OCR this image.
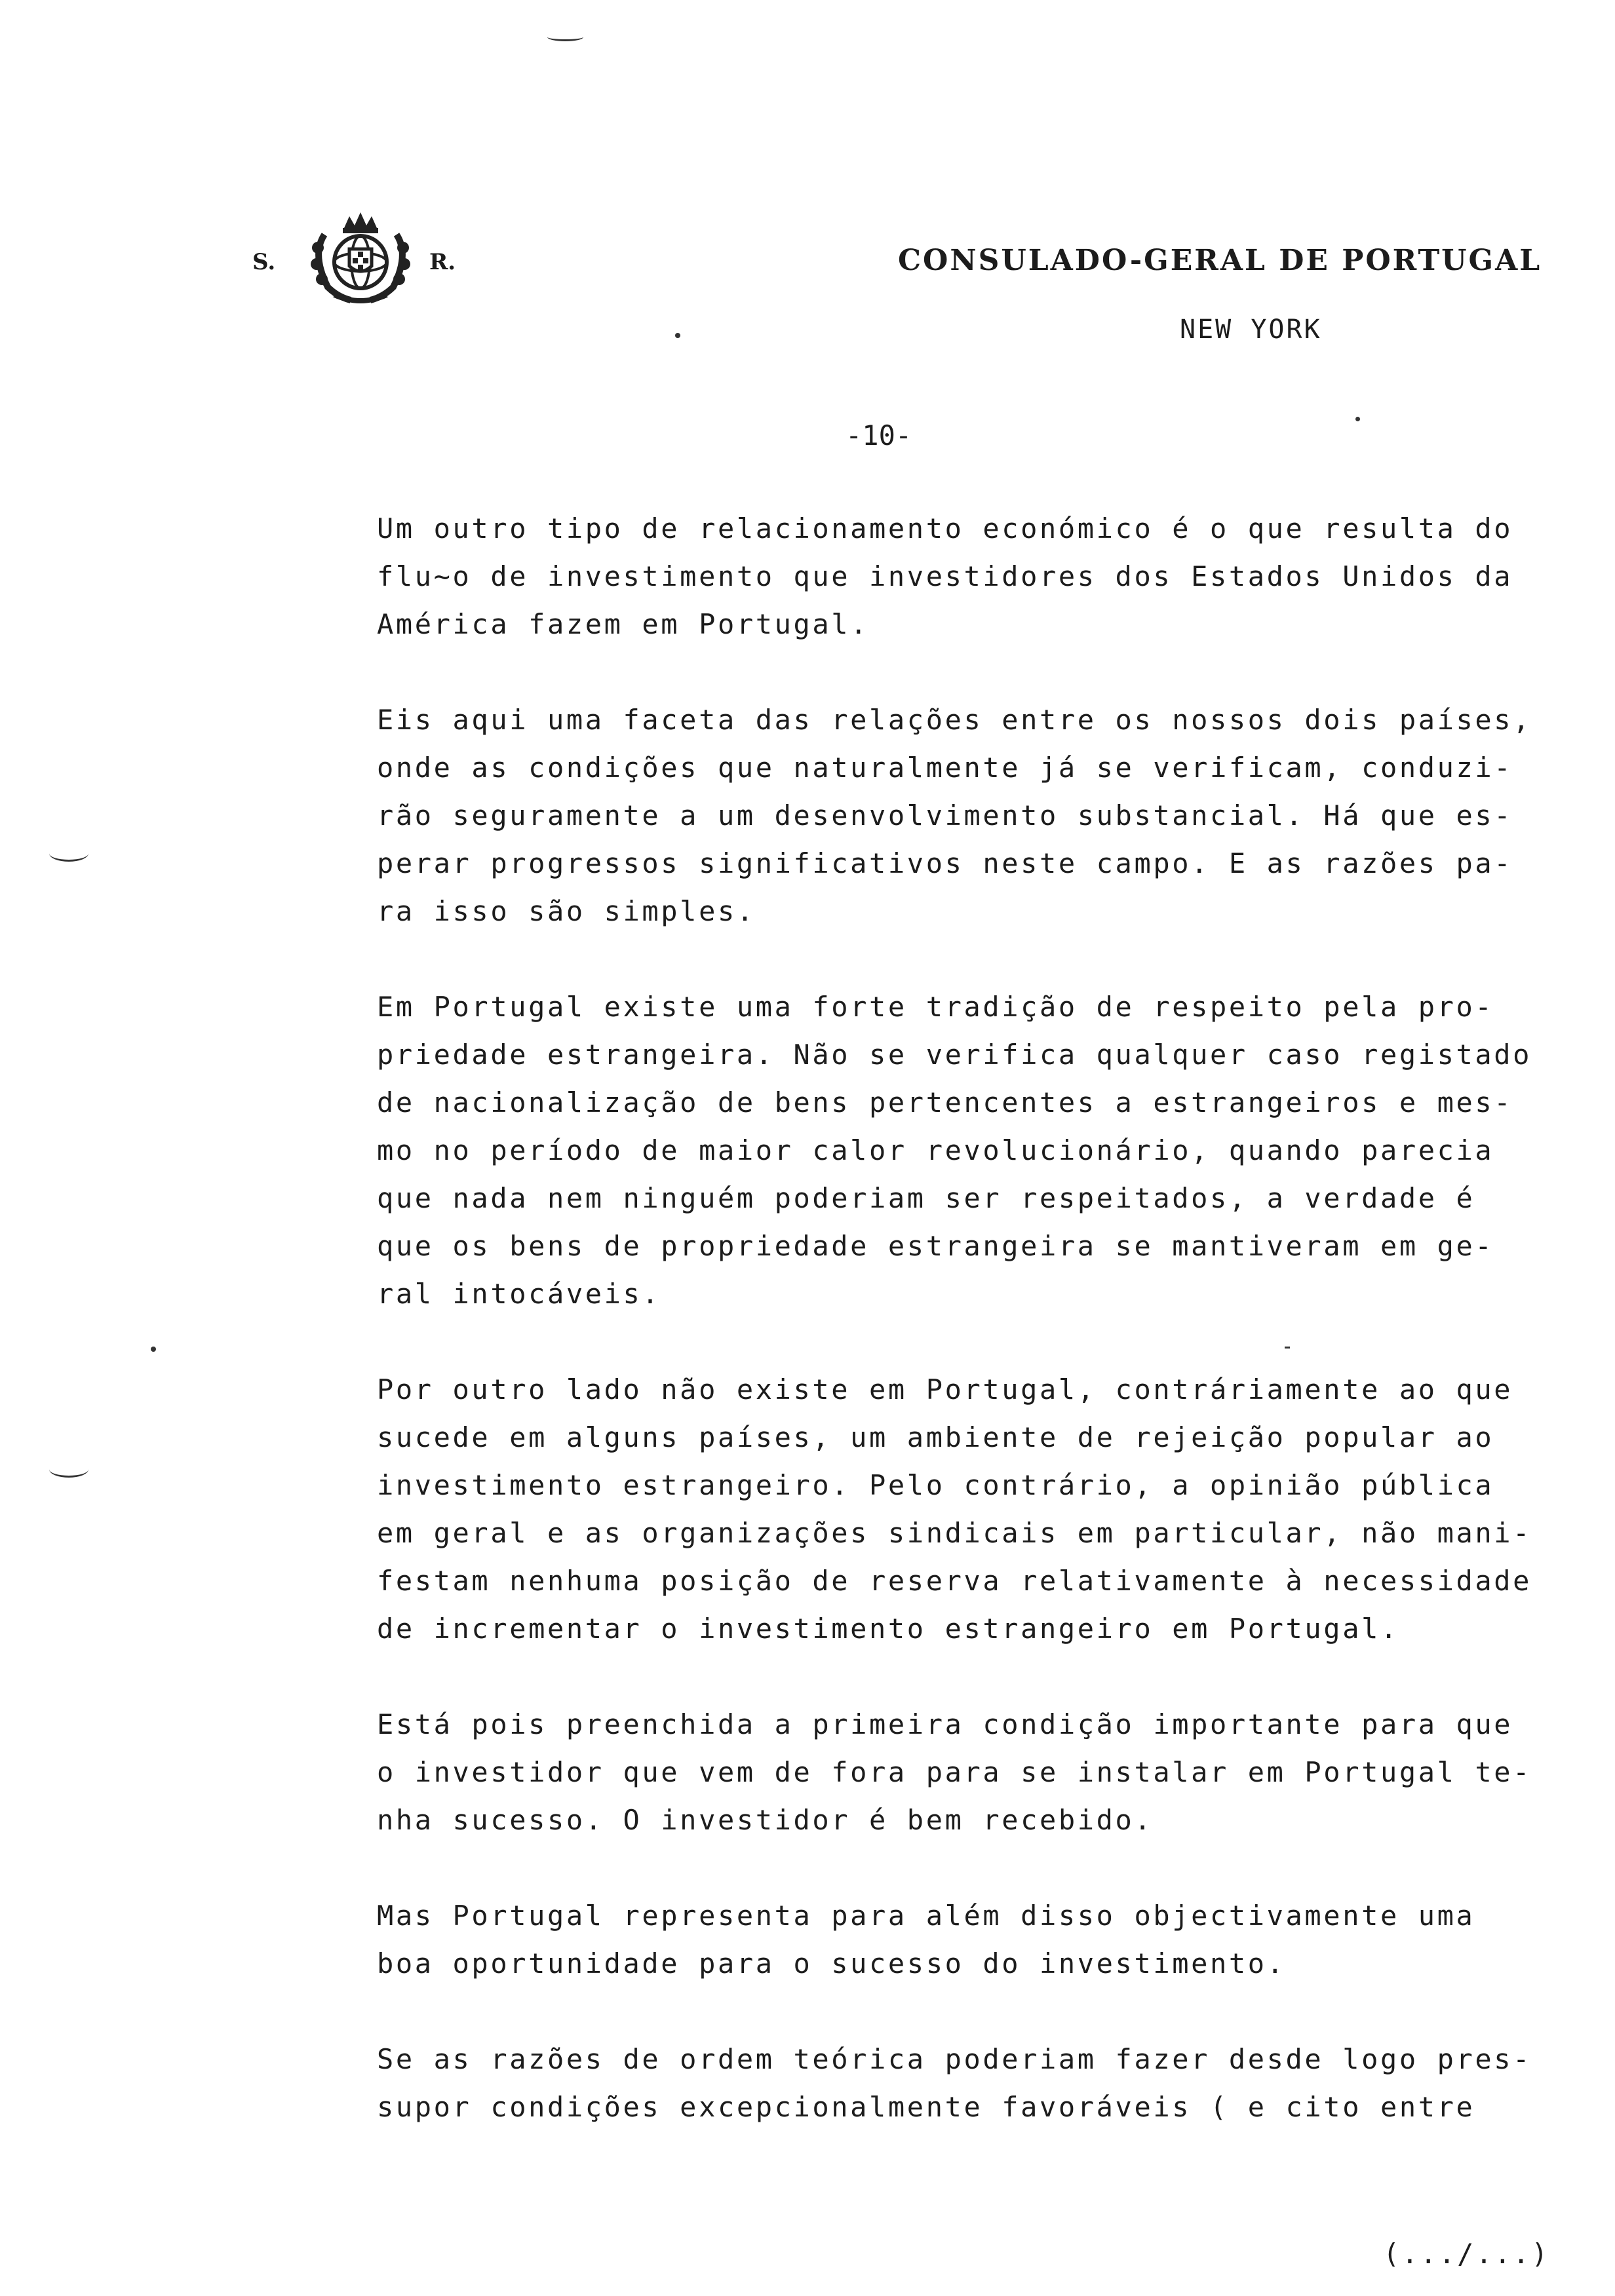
S.	R.	CONSULADO-GERAL DE PORTUGAL
NEW YORK
-10-
Um outro tipo de relacionamento económico é o que resulta do
flu~o de investimento que investidores dos Estados Unidos da
América fazem em Portugal.
Eis aqui uma faceta das relações entre os nossos dois países,
onde as condições que naturalmente já se verificam, conduzi-
rão seguramente a um desenvolvimento substancial. Há que es-
perar progressos significativos neste campo. E as razões pa-
ra isso são simples.
Em Portugal existe uma forte tradição de respeito pela pro-
priedade estrangeira. Não se verifica qualquer caso registado
de nacionalização de bens pertencentes a estrangeiros e mes-
mo no período de maior calor revolucionário, quando parecia
que nada nem ninguém poderiam ser respeitados, a verdade é
que os bens de propriedade estrangeira se mantiveram em ge-
ral intocáveis.
Por outro lado não existe em Portugal, contráriamente ao que
sucede em alguns países, um ambiente de rejeição popular ao
investimento estrangeiro. Pelo contrário, a opinião pública
em geral e as organizações sindicais em particular, não mani-
festam nenhuma posição de reserva relativamente à necessidade
de incrementar o investimento estrangeiro em Portugal.
Está pois preenchida a primeira condição importante para que
o investidor que vem de fora para se instalar em Portugal te-
nha sucesso. O investidor é bem recebido.
Mas Portugal representa para além disso objectivamente uma
boa oportunidade para o sucesso do investimento.
Se as razões de ordem teórica poderiam fazer desde logo pres-
supor condições excepcionalmente favoráveis ( e cito entre
(.../...)
